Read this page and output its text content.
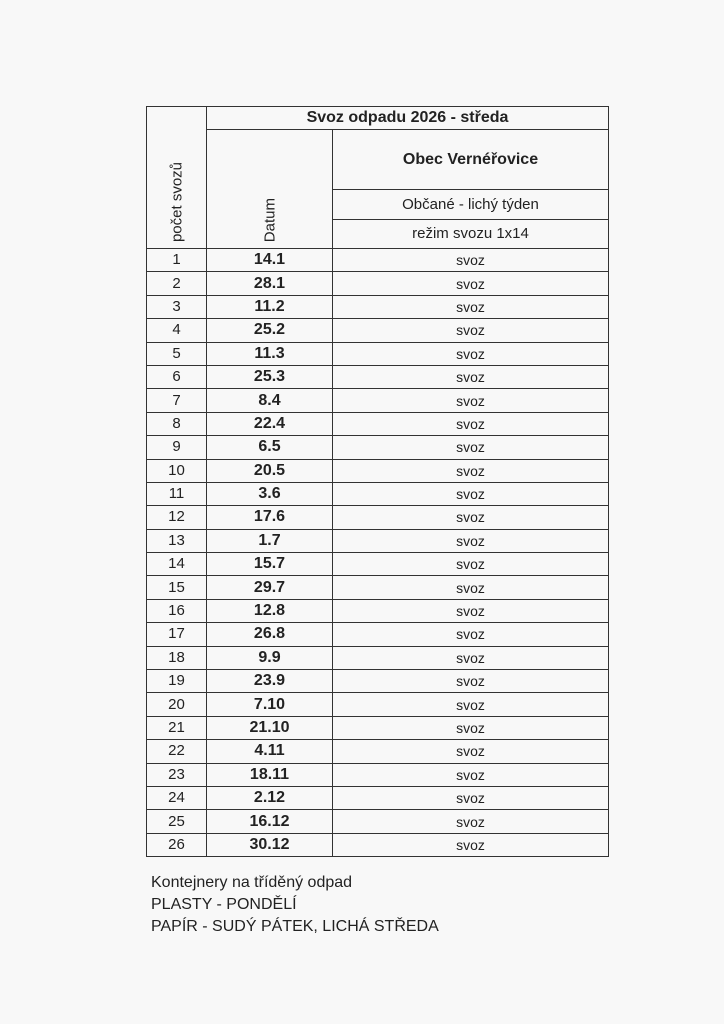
počet svozů	Svoz odpadu 2026 - středa	

	Datum	Obec Vernéřovice
		Občané - lichý týden
		režim svozu 1x14
1	14.1	svoz
2	28.1	svoz
3	11.2	svoz
4	25.2	svoz
5	11.3	svoz
6	25.3	svoz
7	8.4	svoz
8	22.4	svoz
9	6.5	svoz
10	20.5	svoz
11	3.6	svoz
12	17.6	svoz
13	1.7	svoz
14	15.7	svoz
15	29.7	svoz
16	12.8	svoz
17	26.8	svoz
18	9.9	svoz
19	23.9	svoz
20	7.10	svoz
21	21.10	svoz
22	4.11	svoz
23	18.11	svoz
24	2.12	svoz
25	16.12	svoz
26	30.12	svoz
Kontejnery na tříděný odpad
PLASTY - PONDĚLÍ
PAPÍR - SUDÝ PÁTEK, LICHÁ STŘEDA
